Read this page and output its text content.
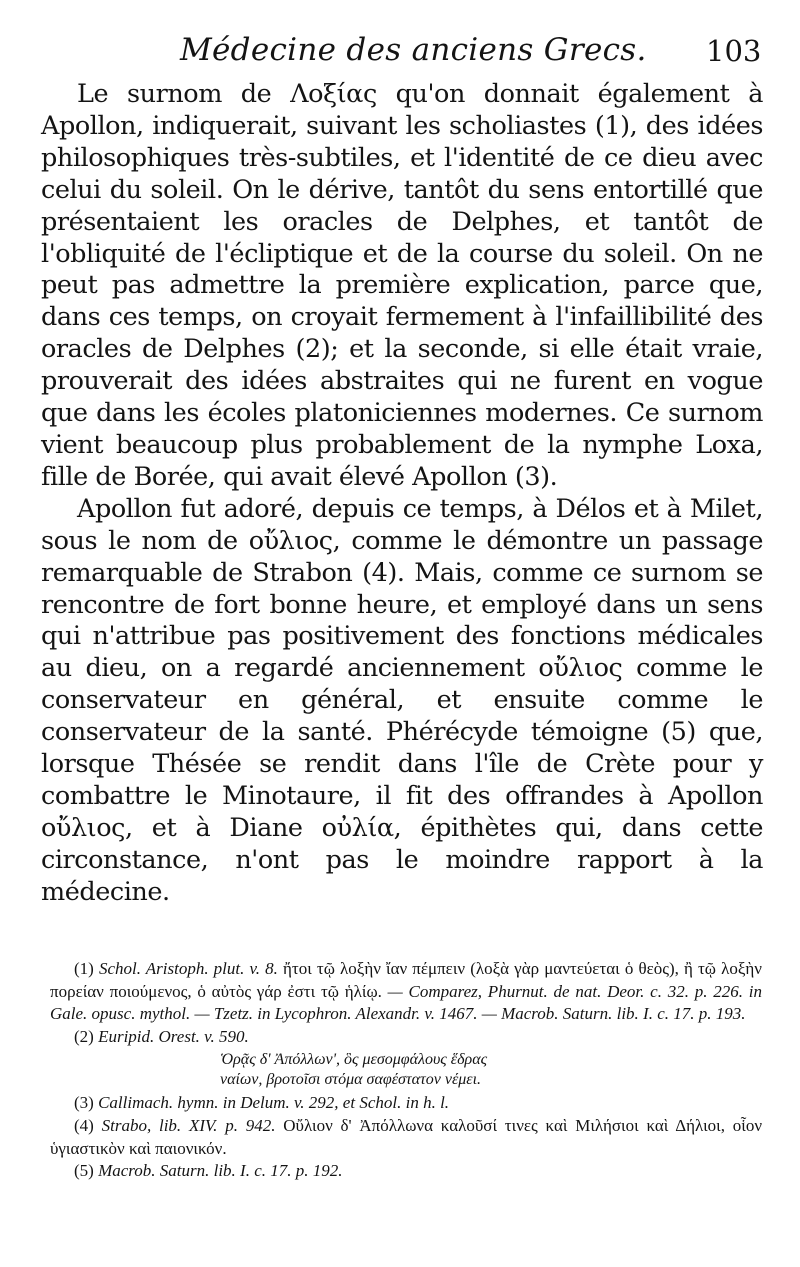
Médecine des anciens Grecs. 103

Le surnom de Λοξίας qu'on donnait également à Apollon, indiquerait, suivant les scholiastes (1), des idées philosophiques très-subtiles, et l'identité de ce dieu avec celui du soleil. On le dérive, tantôt du sens entortillé que présentaient les oracles de Delphes, et tantôt de l'obliquité de l'écliptique et de la course du soleil. On ne peut pas admettre la première explication, parce que, dans ces temps, on croyait fermement à l'infaillibilité des oracles de Delphes (2); et la seconde, si elle était vraie, prouverait des idées abstraites qui ne furent en vogue que dans les écoles platoniciennes modernes. Ce surnom vient beaucoup plus probablement de la nymphe Loxa, fille de Borée, qui avait élevé Apollon (3).

Apollon fut adoré, depuis ce temps, à Délos et à Milet, sous le nom de οὔλιος, comme le démontre un passage remarquable de Strabon (4). Mais, comme ce surnom se rencontre de fort bonne heure, et employé dans un sens qui n'attribue pas positivement des fonctions médicales au dieu, on a regardé anciennement οὔλιος comme le conservateur en général, et ensuite comme le conservateur de la santé. Phérécyde témoigne (5) que, lorsque Thésée se rendit dans l'île de Crète pour y combattre le Minotaure, il fit des offrandes à Apollon οὔλιος, et à Diane οὐλία, épithètes qui, dans cette circonstance, n'ont pas le moindre rapport à la médecine.

(1) Schol. Aristoph. plut. v. 8. ἤτοι τῷ λοξὴν ἴαν πέμπειν (λοξὰ γὰρ μαντεύεται ὁ θεὸς), ἢ τῷ λοξὴν πορείαν ποιούμενος, ὁ αὐτὸς γάρ ἐστι τῷ ἡλίῳ. — Comparez, Phurnut. de nat. Deor. c. 32. p. 226. in Gale. opusc. mythol. — Tzetz. in Lycophron. Alexandr. v. 1467. — Macrob. Saturn. lib. I. c. 17. p. 193.

(2) Euripid. Orest. v. 590.

Ὁρᾷς δ' Ἀπόλλων', ὃς μεσομφάλους ἕδρας
ναίων, βροτοῖσι στόμα σαφέστατον νέμει.

(3) Callimach. hymn. in Delum. v. 292, et Schol. in h. l.

(4) Strabo, lib. XIV. p. 942. Οὔλιον δ' Ἀπόλλωνα καλοῦσί τινες καὶ Μιλήσιοι καὶ Δήλιοι, οἷον ὑγιαστικὸν καὶ παιονικόν.

(5) Macrob. Saturn. lib. I. c. 17. p. 192.
